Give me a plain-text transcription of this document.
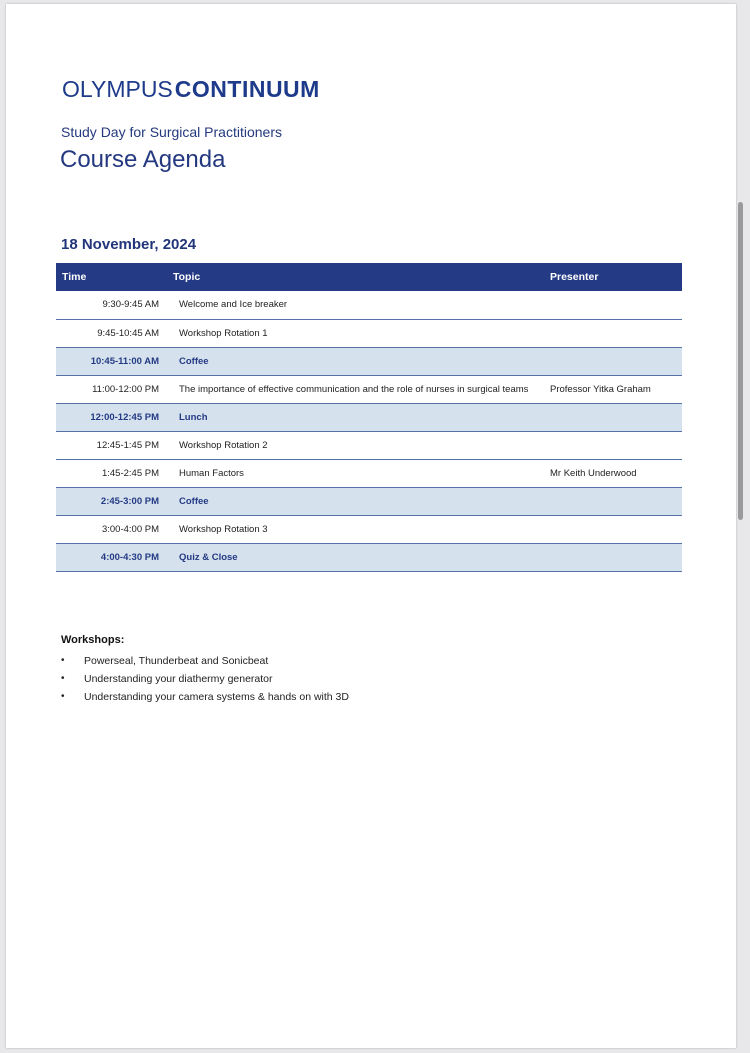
OLYMPUS CONTINUUM
Study Day for Surgical Practitioners
Course Agenda
18 November, 2024
Time	Topic	Presenter
9:30-9:45 AM	Welcome and Ice breaker	
9:45-10:45 AM	Workshop Rotation 1	
10:45-11:00 AM	Coffee	
11:00-12:00 PM	The importance of effective communication and the role of nurses in surgical teams	Professor Yitka Graham
12:00-12:45 PM	Lunch	
12:45-1:45 PM	Workshop Rotation 2	
1:45-2:45 PM	Human Factors	Mr Keith Underwood
2:45-3:00 PM	Coffee	
3:00-4:00 PM	Workshop Rotation 3	
4:00-4:30 PM	Quiz & Close	
Workshops:
•	Powerseal, Thunderbeat and Sonicbeat
•	Understanding your diathermy generator
•	Understanding your camera systems & hands on with 3D
